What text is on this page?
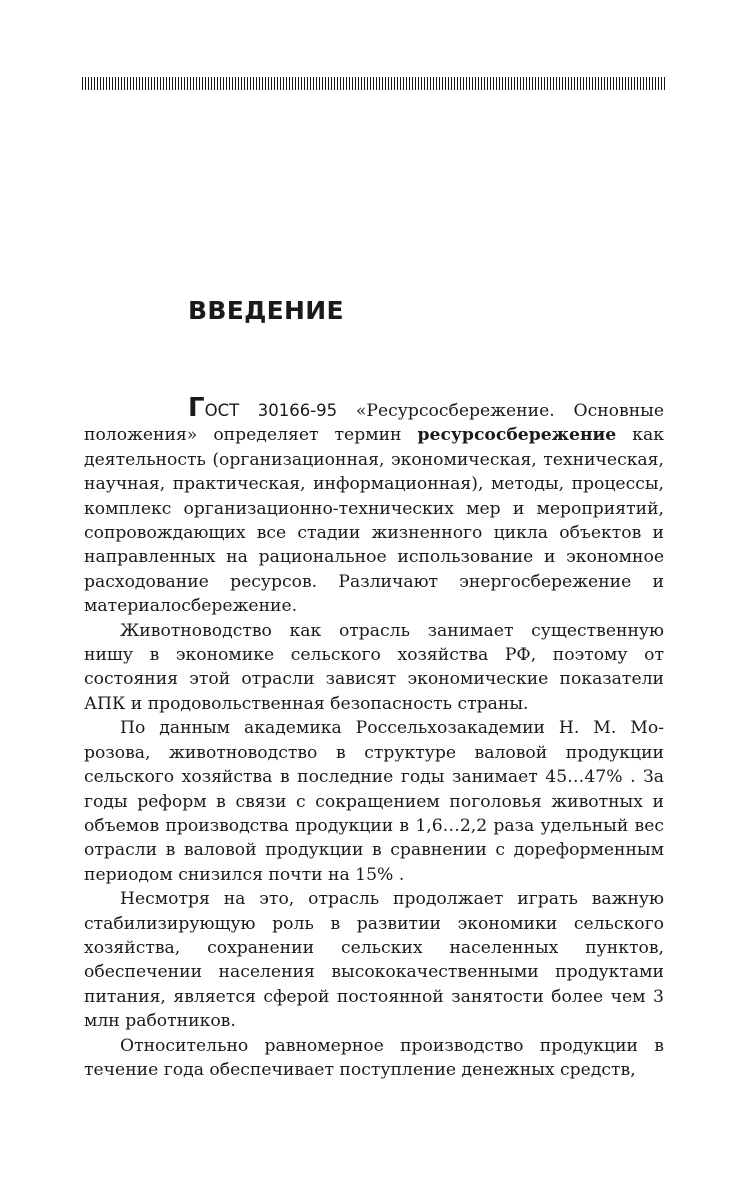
ВВЕДЕНИЕ

ГОСТ 30166-95 «Ресурсосбережение. Основные положения» определяет термин ресурсосбережение как деятельность (организационная, экономическая, техническая, научная, практическая, информационная), методы, процессы, комплекс организационно-технических мер и мероприятий, сопровождающих все стадии жизненного цикла объектов и направленных на рациональное использование и экономное расходование ресурсов. Различают энергосбережение и материалосбережение.

Животноводство как отрасль занимает существенную нишу в экономике сельского хозяйства РФ, поэтому от состояния этой отрасли зависят экономические показатели АПК и продовольственная безопасность страны.

По данным академика Россельхозакадемии Н. М. Морозова, животноводство в структуре валовой продукции сельского хозяйства в последние годы занимает 45…47% . За годы реформ в связи с сокращением поголовья животных и объемов производства продукции в 1,6…2,2 раза удельный вес отрасли в валовой продукции в сравнении с дореформенным периодом снизился почти на 15% .

Несмотря на это, отрасль продолжает играть важную стабилизирующую роль в развитии экономики сельского хозяйства, сохранении сельских населенных пунктов, обеспечении населения высококачественными продуктами питания, является сферой постоянной занятости более чем 3 млн работников.

Относительно равномерное производство продукции в течение года обеспечивает поступление денежных средств,
